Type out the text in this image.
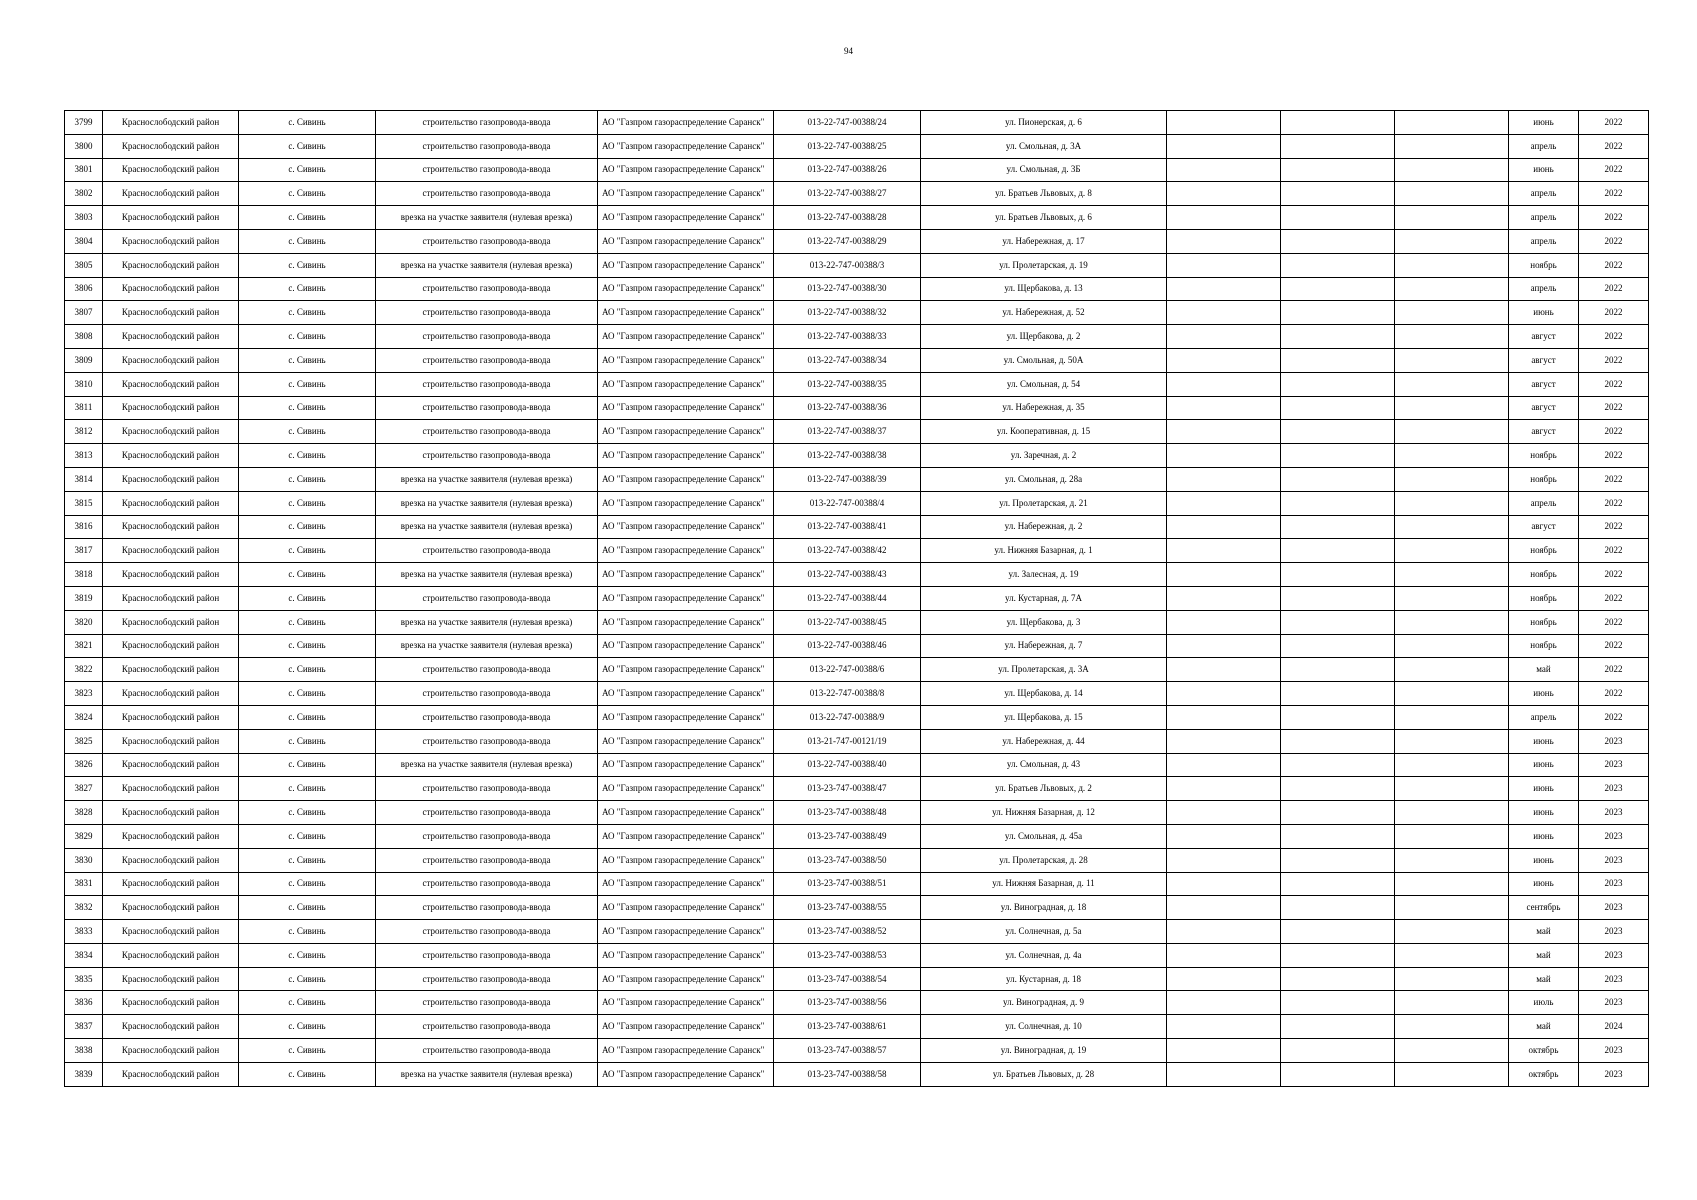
94
3799	Краснослободский район	с. Сивинь	строительство газопровода-ввода	АО "Газпром газораспределение Саранск"	013-22-747-00388/24	ул. Пионерская, д. 6				июнь	2022
3800	Краснослободский район	с. Сивинь	строительство газопровода-ввода	АО "Газпром газораспределение Саранск"	013-22-747-00388/25	ул. Смольная, д. 3А				апрель	2022
3801	Краснослободский район	с. Сивинь	строительство газопровода-ввода	АО "Газпром газораспределение Саранск"	013-22-747-00388/26	ул. Смольная, д. 3Б				июнь	2022
3802	Краснослободский район	с. Сивинь	строительство газопровода-ввода	АО "Газпром газораспределение Саранск"	013-22-747-00388/27	ул. Братьев Львовых, д. 8				апрель	2022
3803	Краснослободский район	с. Сивинь	врезка на участке заявителя (нулевая врезка)	АО "Газпром газораспределение Саранск"	013-22-747-00388/28	ул. Братьев Львовых, д. 6				апрель	2022
3804	Краснослободский район	с. Сивинь	строительство газопровода-ввода	АО "Газпром газораспределение Саранск"	013-22-747-00388/29	ул. Набережная, д. 17				апрель	2022
3805	Краснослободский район	с. Сивинь	врезка на участке заявителя (нулевая врезка)	АО "Газпром газораспределение Саранск"	013-22-747-00388/3	ул. Пролетарская, д. 19				ноябрь	2022
3806	Краснослободский район	с. Сивинь	строительство газопровода-ввода	АО "Газпром газораспределение Саранск"	013-22-747-00388/30	ул. Щербакова, д. 13				апрель	2022
3807	Краснослободский район	с. Сивинь	строительство газопровода-ввода	АО "Газпром газораспределение Саранск"	013-22-747-00388/32	ул. Набережная, д. 52				июнь	2022
3808	Краснослободский район	с. Сивинь	строительство газопровода-ввода	АО "Газпром газораспределение Саранск"	013-22-747-00388/33	ул. Щербакова, д. 2				август	2022
3809	Краснослободский район	с. Сивинь	строительство газопровода-ввода	АО "Газпром газораспределение Саранск"	013-22-747-00388/34	ул. Смольная, д. 50А				август	2022
3810	Краснослободский район	с. Сивинь	строительство газопровода-ввода	АО "Газпром газораспределение Саранск"	013-22-747-00388/35	ул. Смольная, д. 54				август	2022
3811	Краснослободский район	с. Сивинь	строительство газопровода-ввода	АО "Газпром газораспределение Саранск"	013-22-747-00388/36	ул. Набережная, д. 35				август	2022
3812	Краснослободский район	с. Сивинь	строительство газопровода-ввода	АО "Газпром газораспределение Саранск"	013-22-747-00388/37	ул. Кооперативная, д. 15				август	2022
3813	Краснослободский район	с. Сивинь	строительство газопровода-ввода	АО "Газпром газораспределение Саранск"	013-22-747-00388/38	ул. Заречная, д. 2				ноябрь	2022
3814	Краснослободский район	с. Сивинь	врезка на участке заявителя (нулевая врезка)	АО "Газпром газораспределение Саранск"	013-22-747-00388/39	ул. Смольная, д. 28а				ноябрь	2022
3815	Краснослободский район	с. Сивинь	врезка на участке заявителя (нулевая врезка)	АО "Газпром газораспределение Саранск"	013-22-747-00388/4	ул. Пролетарская, д. 21				апрель	2022
3816	Краснослободский район	с. Сивинь	врезка на участке заявителя (нулевая врезка)	АО "Газпром газораспределение Саранск"	013-22-747-00388/41	ул. Набережная, д. 2				август	2022
3817	Краснослободский район	с. Сивинь	строительство газопровода-ввода	АО "Газпром газораспределение Саранск"	013-22-747-00388/42	ул. Нижняя Базарная, д. 1				ноябрь	2022
3818	Краснослободский район	с. Сивинь	врезка на участке заявителя (нулевая врезка)	АО "Газпром газораспределение Саранск"	013-22-747-00388/43	ул. Залесная, д. 19				ноябрь	2022
3819	Краснослободский район	с. Сивинь	строительство газопровода-ввода	АО "Газпром газораспределение Саранск"	013-22-747-00388/44	ул. Кустарная, д. 7А				ноябрь	2022
3820	Краснослободский район	с. Сивинь	врезка на участке заявителя (нулевая врезка)	АО "Газпром газораспределение Саранск"	013-22-747-00388/45	ул. Щербакова, д. 3				ноябрь	2022
3821	Краснослободский район	с. Сивинь	врезка на участке заявителя (нулевая врезка)	АО "Газпром газораспределение Саранск"	013-22-747-00388/46	ул. Набережная, д. 7				ноябрь	2022
3822	Краснослободский район	с. Сивинь	строительство газопровода-ввода	АО "Газпром газораспределение Саранск"	013-22-747-00388/6	ул. Пролетарская, д. 3А				май	2022
3823	Краснослободский район	с. Сивинь	строительство газопровода-ввода	АО "Газпром газораспределение Саранск"	013-22-747-00388/8	ул. Щербакова, д. 14				июнь	2022
3824	Краснослободский район	с. Сивинь	строительство газопровода-ввода	АО "Газпром газораспределение Саранск"	013-22-747-00388/9	ул. Щербакова, д. 15				апрель	2022
3825	Краснослободский район	с. Сивинь	строительство газопровода-ввода	АО "Газпром газораспределение Саранск"	013-21-747-00121/19	ул. Набережная, д. 44				июнь	2023
3826	Краснослободский район	с. Сивинь	врезка на участке заявителя (нулевая врезка)	АО "Газпром газораспределение Саранск"	013-22-747-00388/40	ул. Смольная, д. 43				июнь	2023
3827	Краснослободский район	с. Сивинь	строительство газопровода-ввода	АО "Газпром газораспределение Саранск"	013-23-747-00388/47	ул. Братьев Львовых, д. 2				июнь	2023
3828	Краснослободский район	с. Сивинь	строительство газопровода-ввода	АО "Газпром газораспределение Саранск"	013-23-747-00388/48	ул. Нижняя Базарная, д. 12				июнь	2023
3829	Краснослободский район	с. Сивинь	строительство газопровода-ввода	АО "Газпром газораспределение Саранск"	013-23-747-00388/49	ул. Смольная, д. 45а				июнь	2023
3830	Краснослободский район	с. Сивинь	строительство газопровода-ввода	АО "Газпром газораспределение Саранск"	013-23-747-00388/50	ул. Пролетарская, д. 28				июнь	2023
3831	Краснослободский район	с. Сивинь	строительство газопровода-ввода	АО "Газпром газораспределение Саранск"	013-23-747-00388/51	ул. Нижняя Базарная, д. 11				июнь	2023
3832	Краснослободский район	с. Сивинь	строительство газопровода-ввода	АО "Газпром газораспределение Саранск"	013-23-747-00388/55	ул. Виноградная, д. 18				сентябрь	2023
3833	Краснослободский район	с. Сивинь	строительство газопровода-ввода	АО "Газпром газораспределение Саранск"	013-23-747-00388/52	ул. Солнечная, д. 5а				май	2023
3834	Краснослободский район	с. Сивинь	строительство газопровода-ввода	АО "Газпром газораспределение Саранск"	013-23-747-00388/53	ул. Солнечная, д. 4а				май	2023
3835	Краснослободский район	с. Сивинь	строительство газопровода-ввода	АО "Газпром газораспределение Саранск"	013-23-747-00388/54	ул. Кустарная, д. 18				май	2023
3836	Краснослободский район	с. Сивинь	строительство газопровода-ввода	АО "Газпром газораспределение Саранск"	013-23-747-00388/56	ул. Виноградная, д. 9				июль	2023
3837	Краснослободский район	с. Сивинь	строительство газопровода-ввода	АО "Газпром газораспределение Саранск"	013-23-747-00388/61	ул. Солнечная, д. 10				май	2024
3838	Краснослободский район	с. Сивинь	строительство газопровода-ввода	АО "Газпром газораспределение Саранск"	013-23-747-00388/57	ул. Виноградная, д. 19				октябрь	2023
3839	Краснослободский район	с. Сивинь	врезка на участке заявителя (нулевая врезка)	АО "Газпром газораспределение Саранск"	013-23-747-00388/58	ул. Братьев Львовых, д. 28				октябрь	2023
